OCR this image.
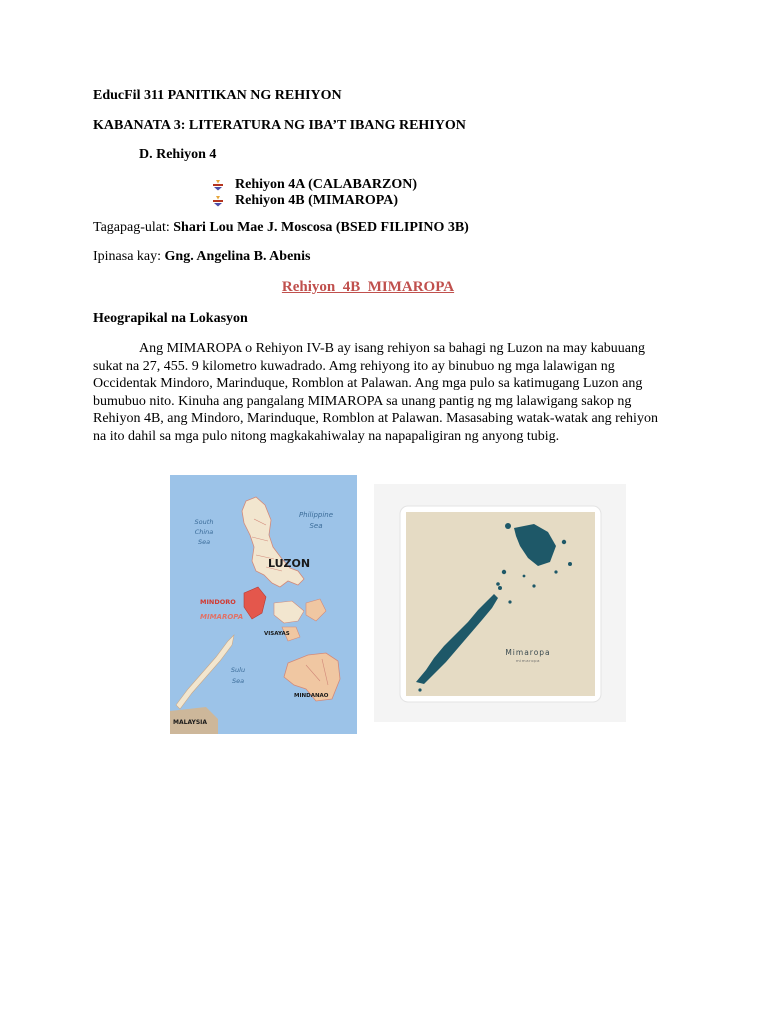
EducFil 311 PANITIKAN NG REHIYON
KABANATA 3: LITERATURA NG IBA’T IBANG REHIYON
D. Rehiyon 4
Rehiyon 4A (CALABARZON)
Rehiyon 4B (MIMAROPA)
Tagapag-ulat: Shari Lou Mae J. Moscosa (BSED FILIPINO 3B)
Ipinasa kay: Gng. Angelina B. Abenis
Rehiyon  4B  MIMAROPA
Heograpikal na Lokasyon
Ang MIMAROPA o Rehiyon IV-B ay isang rehiyon sa bahagi ng Luzon na may kabuuang sukat na 27, 455. 9 kilometro kuwadrado. Amg rehiyong ito ay binubuo ng mga lalawigan ng Occidentak Mindoro, Marinduque, Romblon at Palawan. Ang mga pulo sa katimugang Luzon ang bumubuo nito. Kinuha ang pangalang MIMAROPA sa unang pantig ng mg lalawigang sakop ng Rehiyon 4B, ang Mindoro, Marinduque, Romblon at Palawan. Masasabing watak-watak ang rehiyon na ito dahil sa mga pulo nitong magkakahiwalay na napapaligiran ng anyong tubig.
South
China
Sea
Philippine
Sea
LUZON
MINDORO
MIMAROPA
VISAYAS
Sulu
Sea
MINDANAO
MALAYSIA
Mimaropa
mimaropa
